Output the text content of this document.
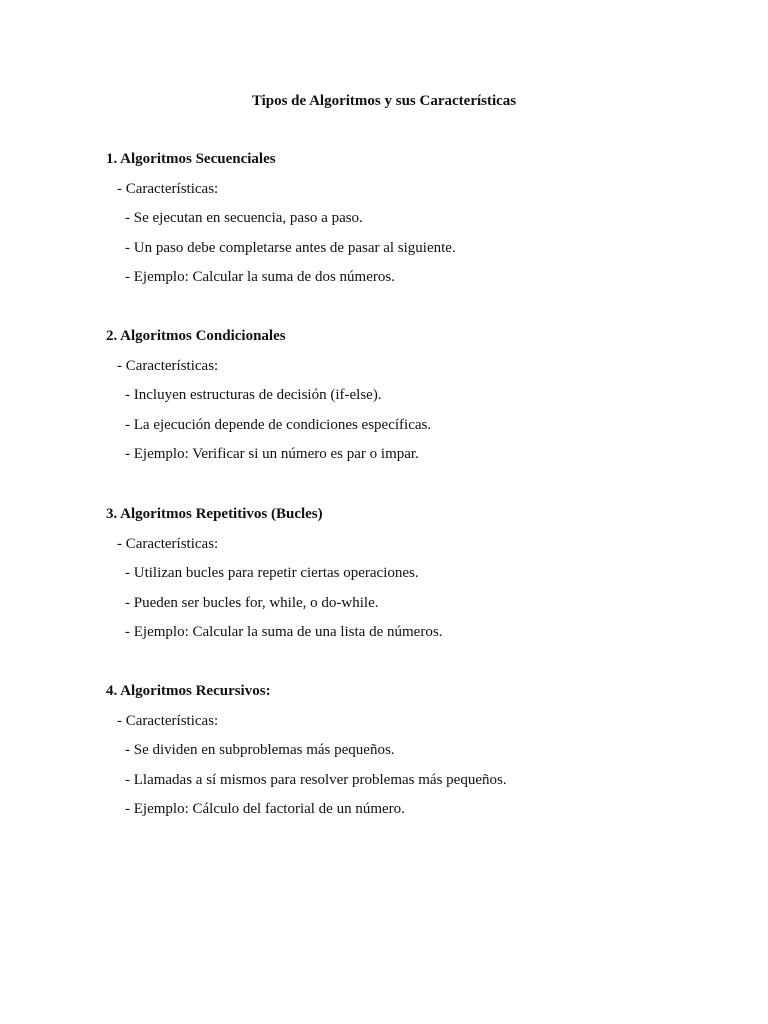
Tipos de Algoritmos y sus Características
1. Algoritmos Secuenciales
- Características:
- Se ejecutan en secuencia, paso a paso.
- Un paso debe completarse antes de pasar al siguiente.
- Ejemplo: Calcular la suma de dos números.
2. Algoritmos Condicionales
- Características:
- Incluyen estructuras de decisión (if-else).
- La ejecución depende de condiciones específicas.
- Ejemplo: Verificar si un número es par o impar.
3. Algoritmos Repetitivos (Bucles)
- Características:
- Utilizan bucles para repetir ciertas operaciones.
- Pueden ser bucles for, while, o do-while.
- Ejemplo: Calcular la suma de una lista de números.
4. Algoritmos Recursivos:
- Características:
- Se dividen en subproblemas más pequeños.
- Llamadas a sí mismos para resolver problemas más pequeños.
- Ejemplo: Cálculo del factorial de un número.
